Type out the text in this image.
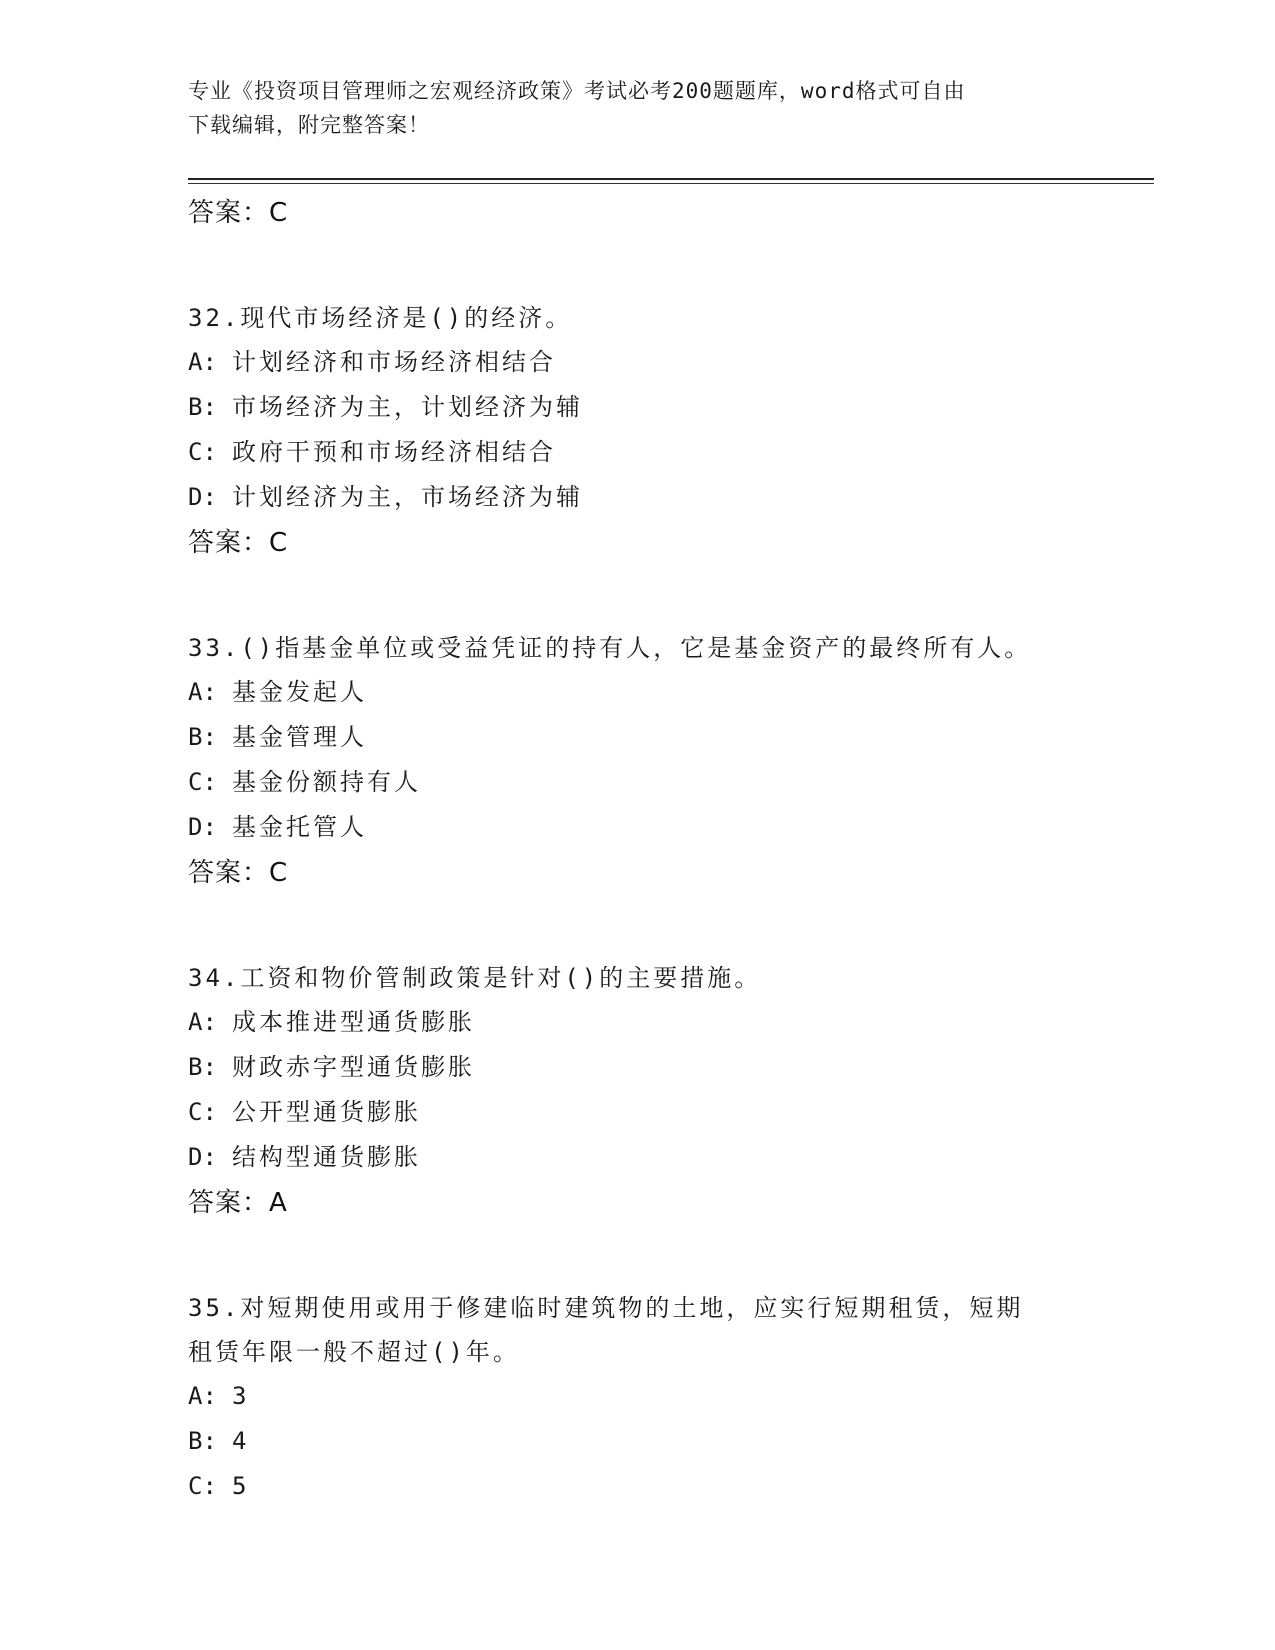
专业《投资项目管理师之宏观经济政策》考试必考200题题库，word格式可自由
下载编辑，附完整答案！
答案：C
32.现代市场经济是()的经济。
A: 计划经济和市场经济相结合
B: 市场经济为主，计划经济为辅
C: 政府干预和市场经济相结合
D: 计划经济为主，市场经济为辅
答案：C
33.()指基金单位或受益凭证的持有人，它是基金资产的最终所有人。
A: 基金发起人
B: 基金管理人
C: 基金份额持有人
D: 基金托管人
答案：C
34.工资和物价管制政策是针对()的主要措施。
A: 成本推进型通货膨胀
B: 财政赤字型通货膨胀
C: 公开型通货膨胀
D: 结构型通货膨胀
答案：A
35.对短期使用或用于修建临时建筑物的土地，应实行短期租赁，短期
租赁年限一般不超过()年。
A: 3
B: 4
C: 5
